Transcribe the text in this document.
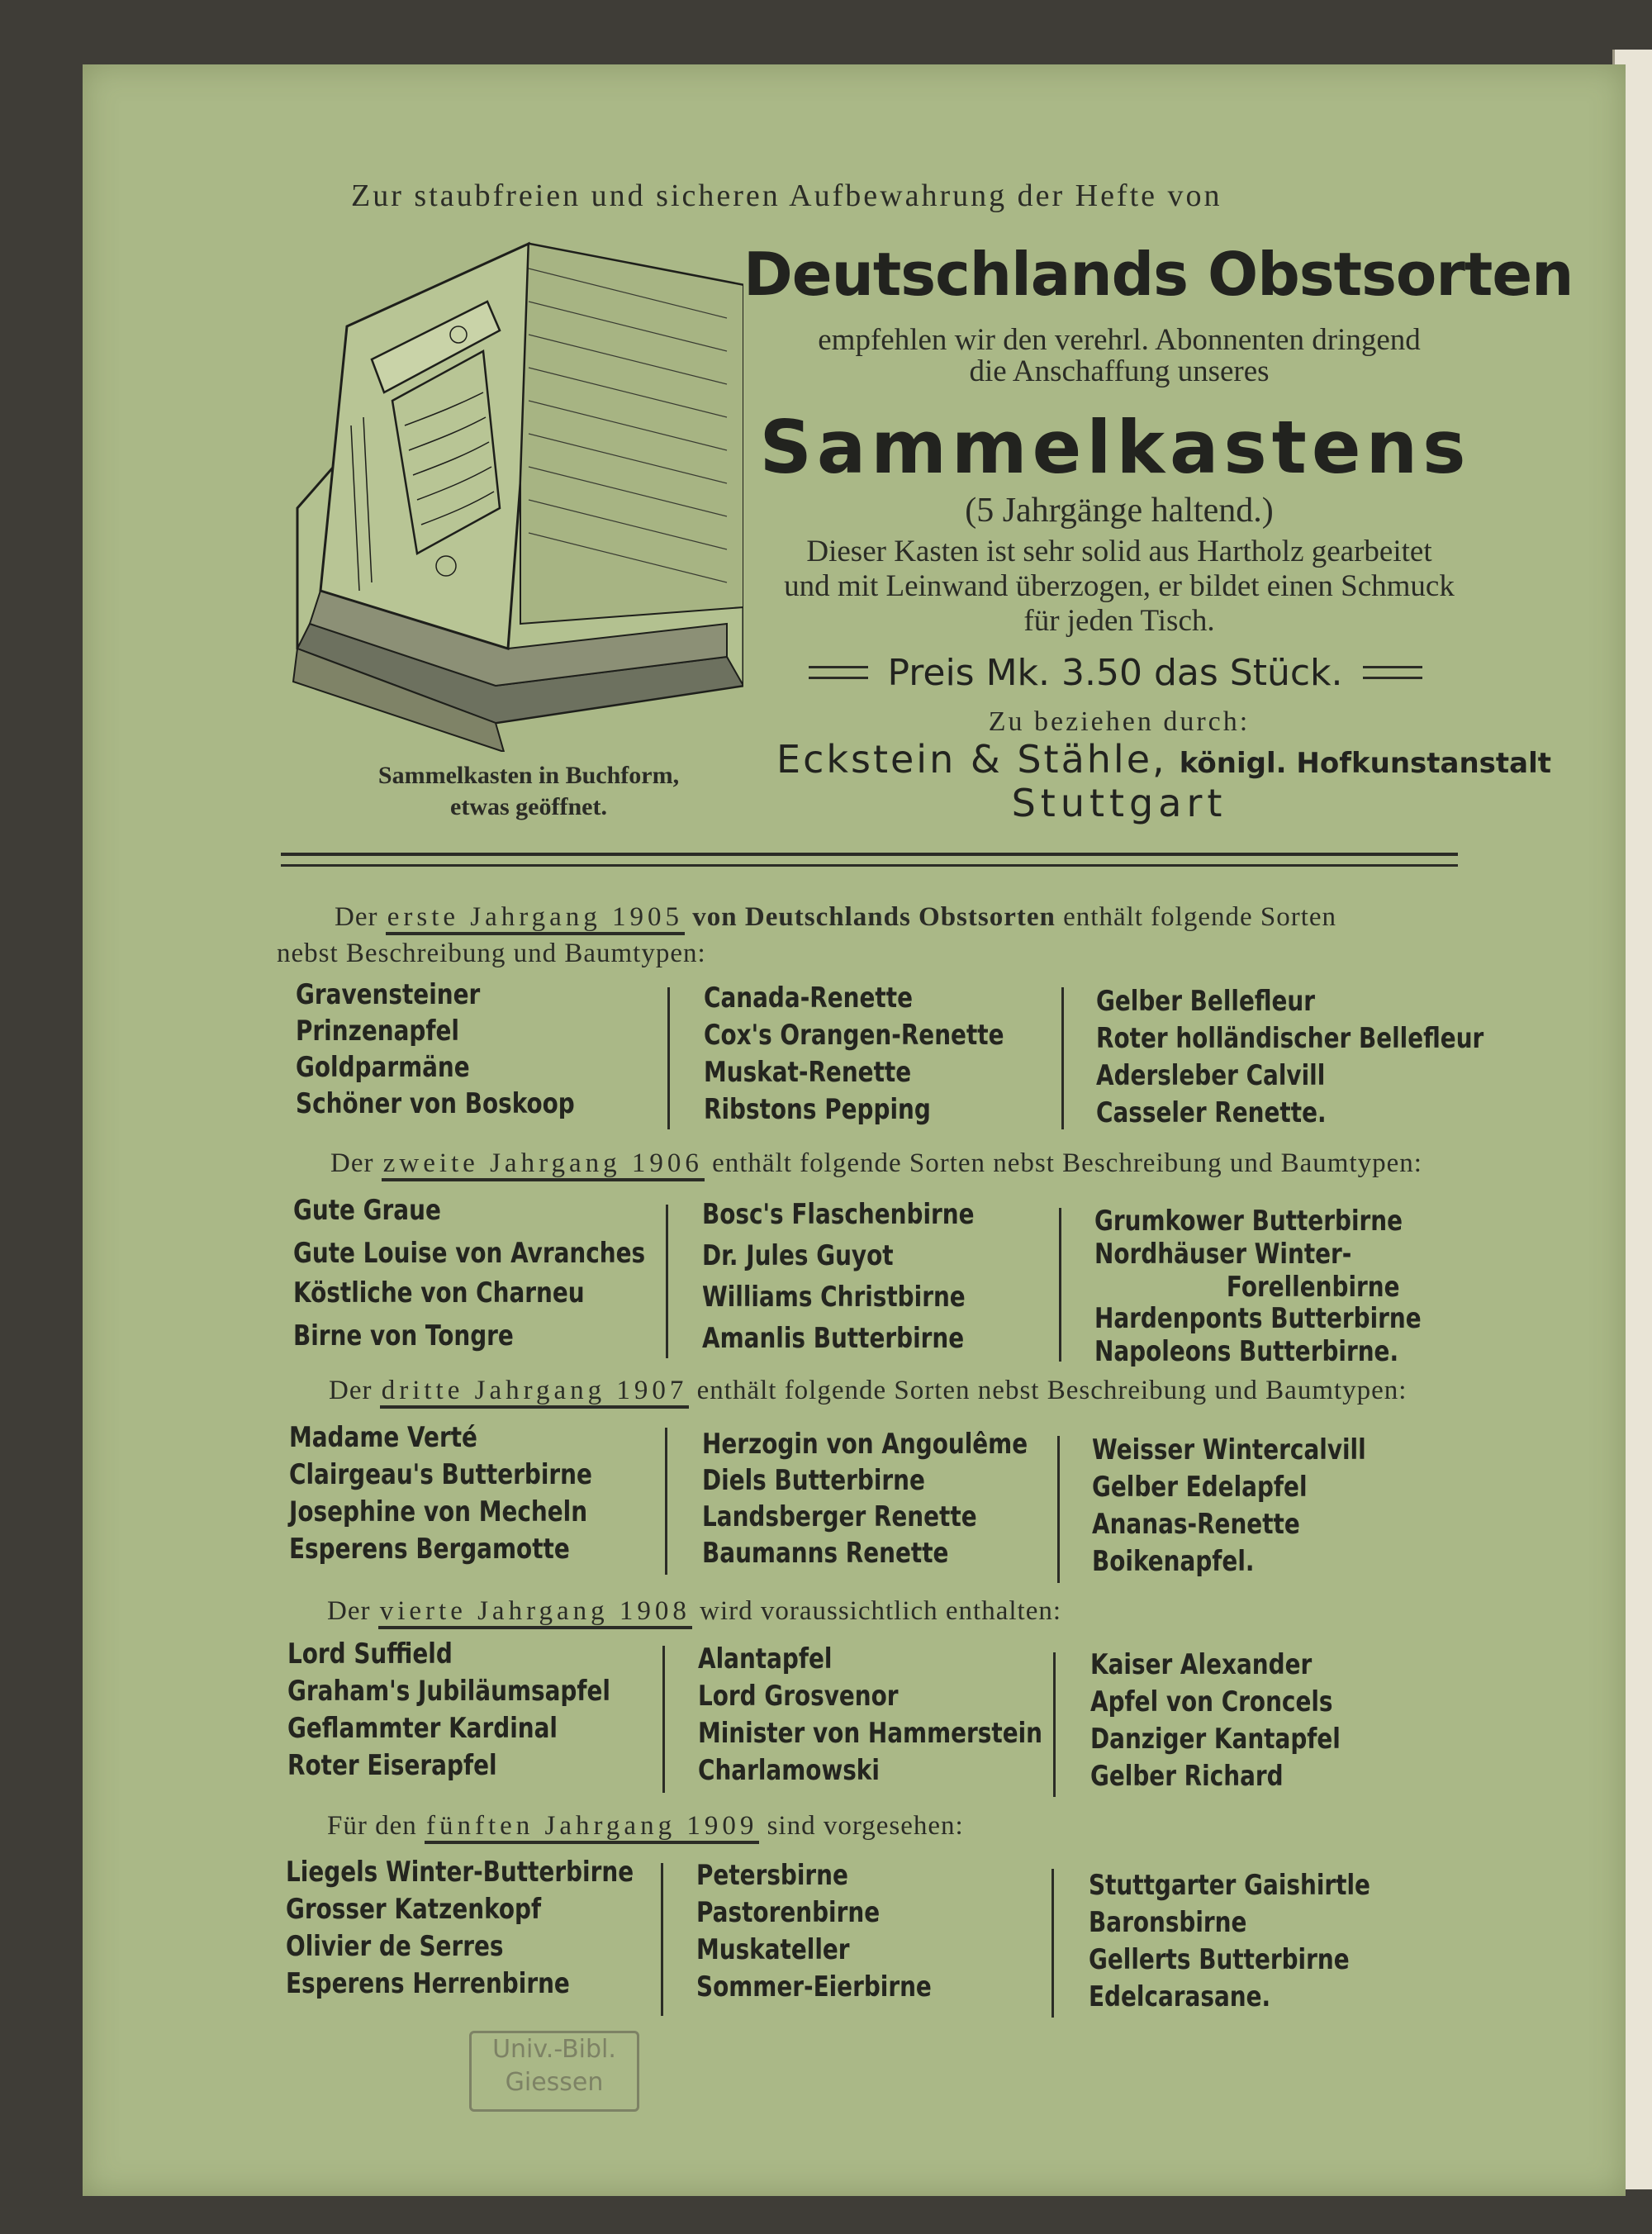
Zur staubfreien und sicheren Aufbewahrung der Hefte von
Sammelkasten in Buchform,
etwas geöffnet.
Deutschlands Obstsorten
empfehlen wir den verehrl. Abonnenten dringend
die Anschaffung unseres
Sammelkastens
(5 Jahrgänge haltend.)
Dieser Kasten ist sehr solid aus Hartholz gearbeitet
und mit Leinwand überzogen, er bildet einen Schmuck
für jeden Tisch.
Preis Mk. 3.50 das Stück.
Zu beziehen durch:
Eckstein & Stähle, königl. Hofkunstanstalt
Stuttgart
Der erste Jahrgang 1905 von Deutschlands Obstsorten enthält folgende Sorten
nebst Beschreibung und Baumtypen:
Gravensteiner
Prinzenapfel
Goldparmäne
Schöner von Boskoop
Canada-Renette
Cox's Orangen-Renette
Muskat-Renette
Ribstons Pepping
Gelber Bellefleur
Roter holländischer Bellefleur
Adersleber Calvill
Casseler Renette.
Der zweite Jahrgang 1906 enthält folgende Sorten nebst Beschreibung und Baumtypen:
Gute Graue
Gute Louise von Avranches
Köstliche von Charneu
Birne von Tongre
Bosc's Flaschenbirne
Dr. Jules Guyot
Williams Christbirne
Amanlis Butterbirne
Grumkower Butterbirne
Nordhäuser Winter-
Forellenbirne
Hardenponts Butterbirne
Napoleons Butterbirne.
Der dritte Jahrgang 1907 enthält folgende Sorten nebst Beschreibung und Baumtypen:
Madame Verté
Clairgeau's Butterbirne
Josephine von Mecheln
Esperens Bergamotte
Herzogin von Angoulême
Diels Butterbirne
Landsberger Renette
Baumanns Renette
Weisser Wintercalvill
Gelber Edelapfel
Ananas-Renette
Boikenapfel.
Der vierte Jahrgang 1908 wird voraussichtlich enthalten:
Lord Suffield
Graham's Jubiläumsapfel
Geflammter Kardinal
Roter Eiserapfel
Alantapfel
Lord Grosvenor
Minister von Hammerstein
Charlamowski
Kaiser Alexander
Apfel von Croncels
Danziger Kantapfel
Gelber Richard
Für den fünften Jahrgang 1909 sind vorgesehen:
Liegels Winter-Butterbirne
Grosser Katzenkopf
Olivier de Serres
Esperens Herrenbirne
Petersbirne
Pastorenbirne
Muskateller
Sommer-Eierbirne
Stuttgarter Gaishirtle
Baronsbirne
Gellerts Butterbirne
Edelcarasane.
Univ.-Bibl.
Giessen
